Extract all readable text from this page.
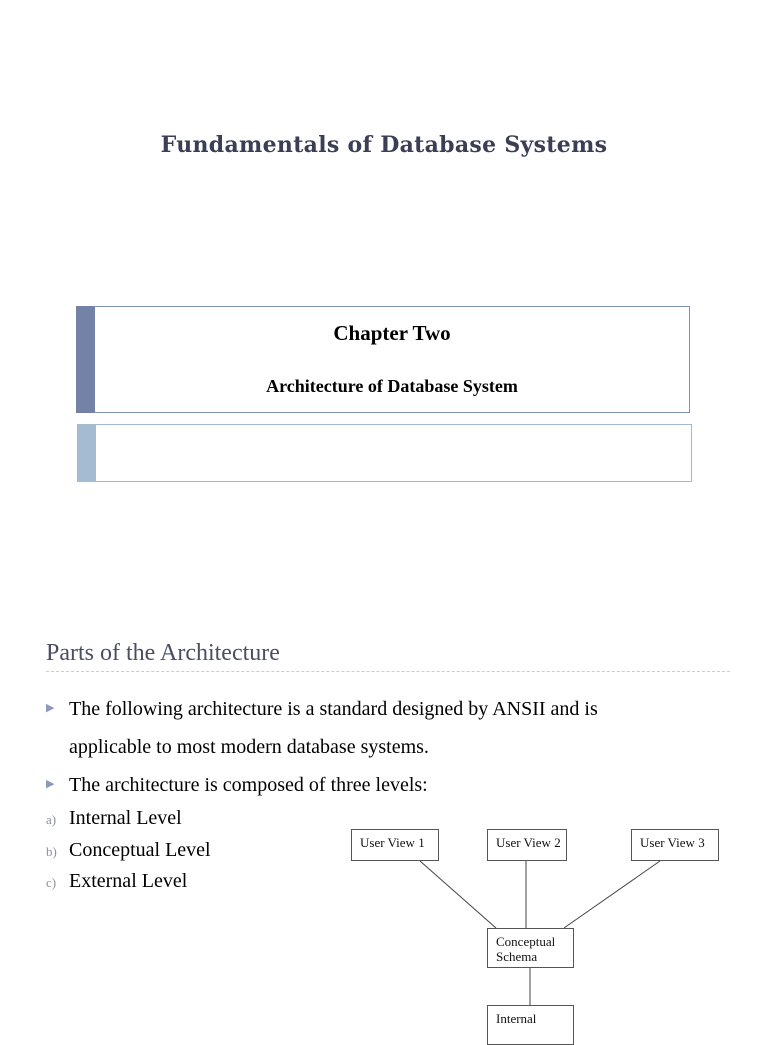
Fundamentals of Database Systems
Chapter Two
Architecture of Database System
Parts of the Architecture
▶ The following architecture is a standard designed by ANSII and is
applicable to most modern database systems.
▶ The architecture is composed of three levels:
a) Internal Level
b) Conceptual Level
c) External Level
User View 1	User View 2	User View 3
Conceptual
Schema
Internal
